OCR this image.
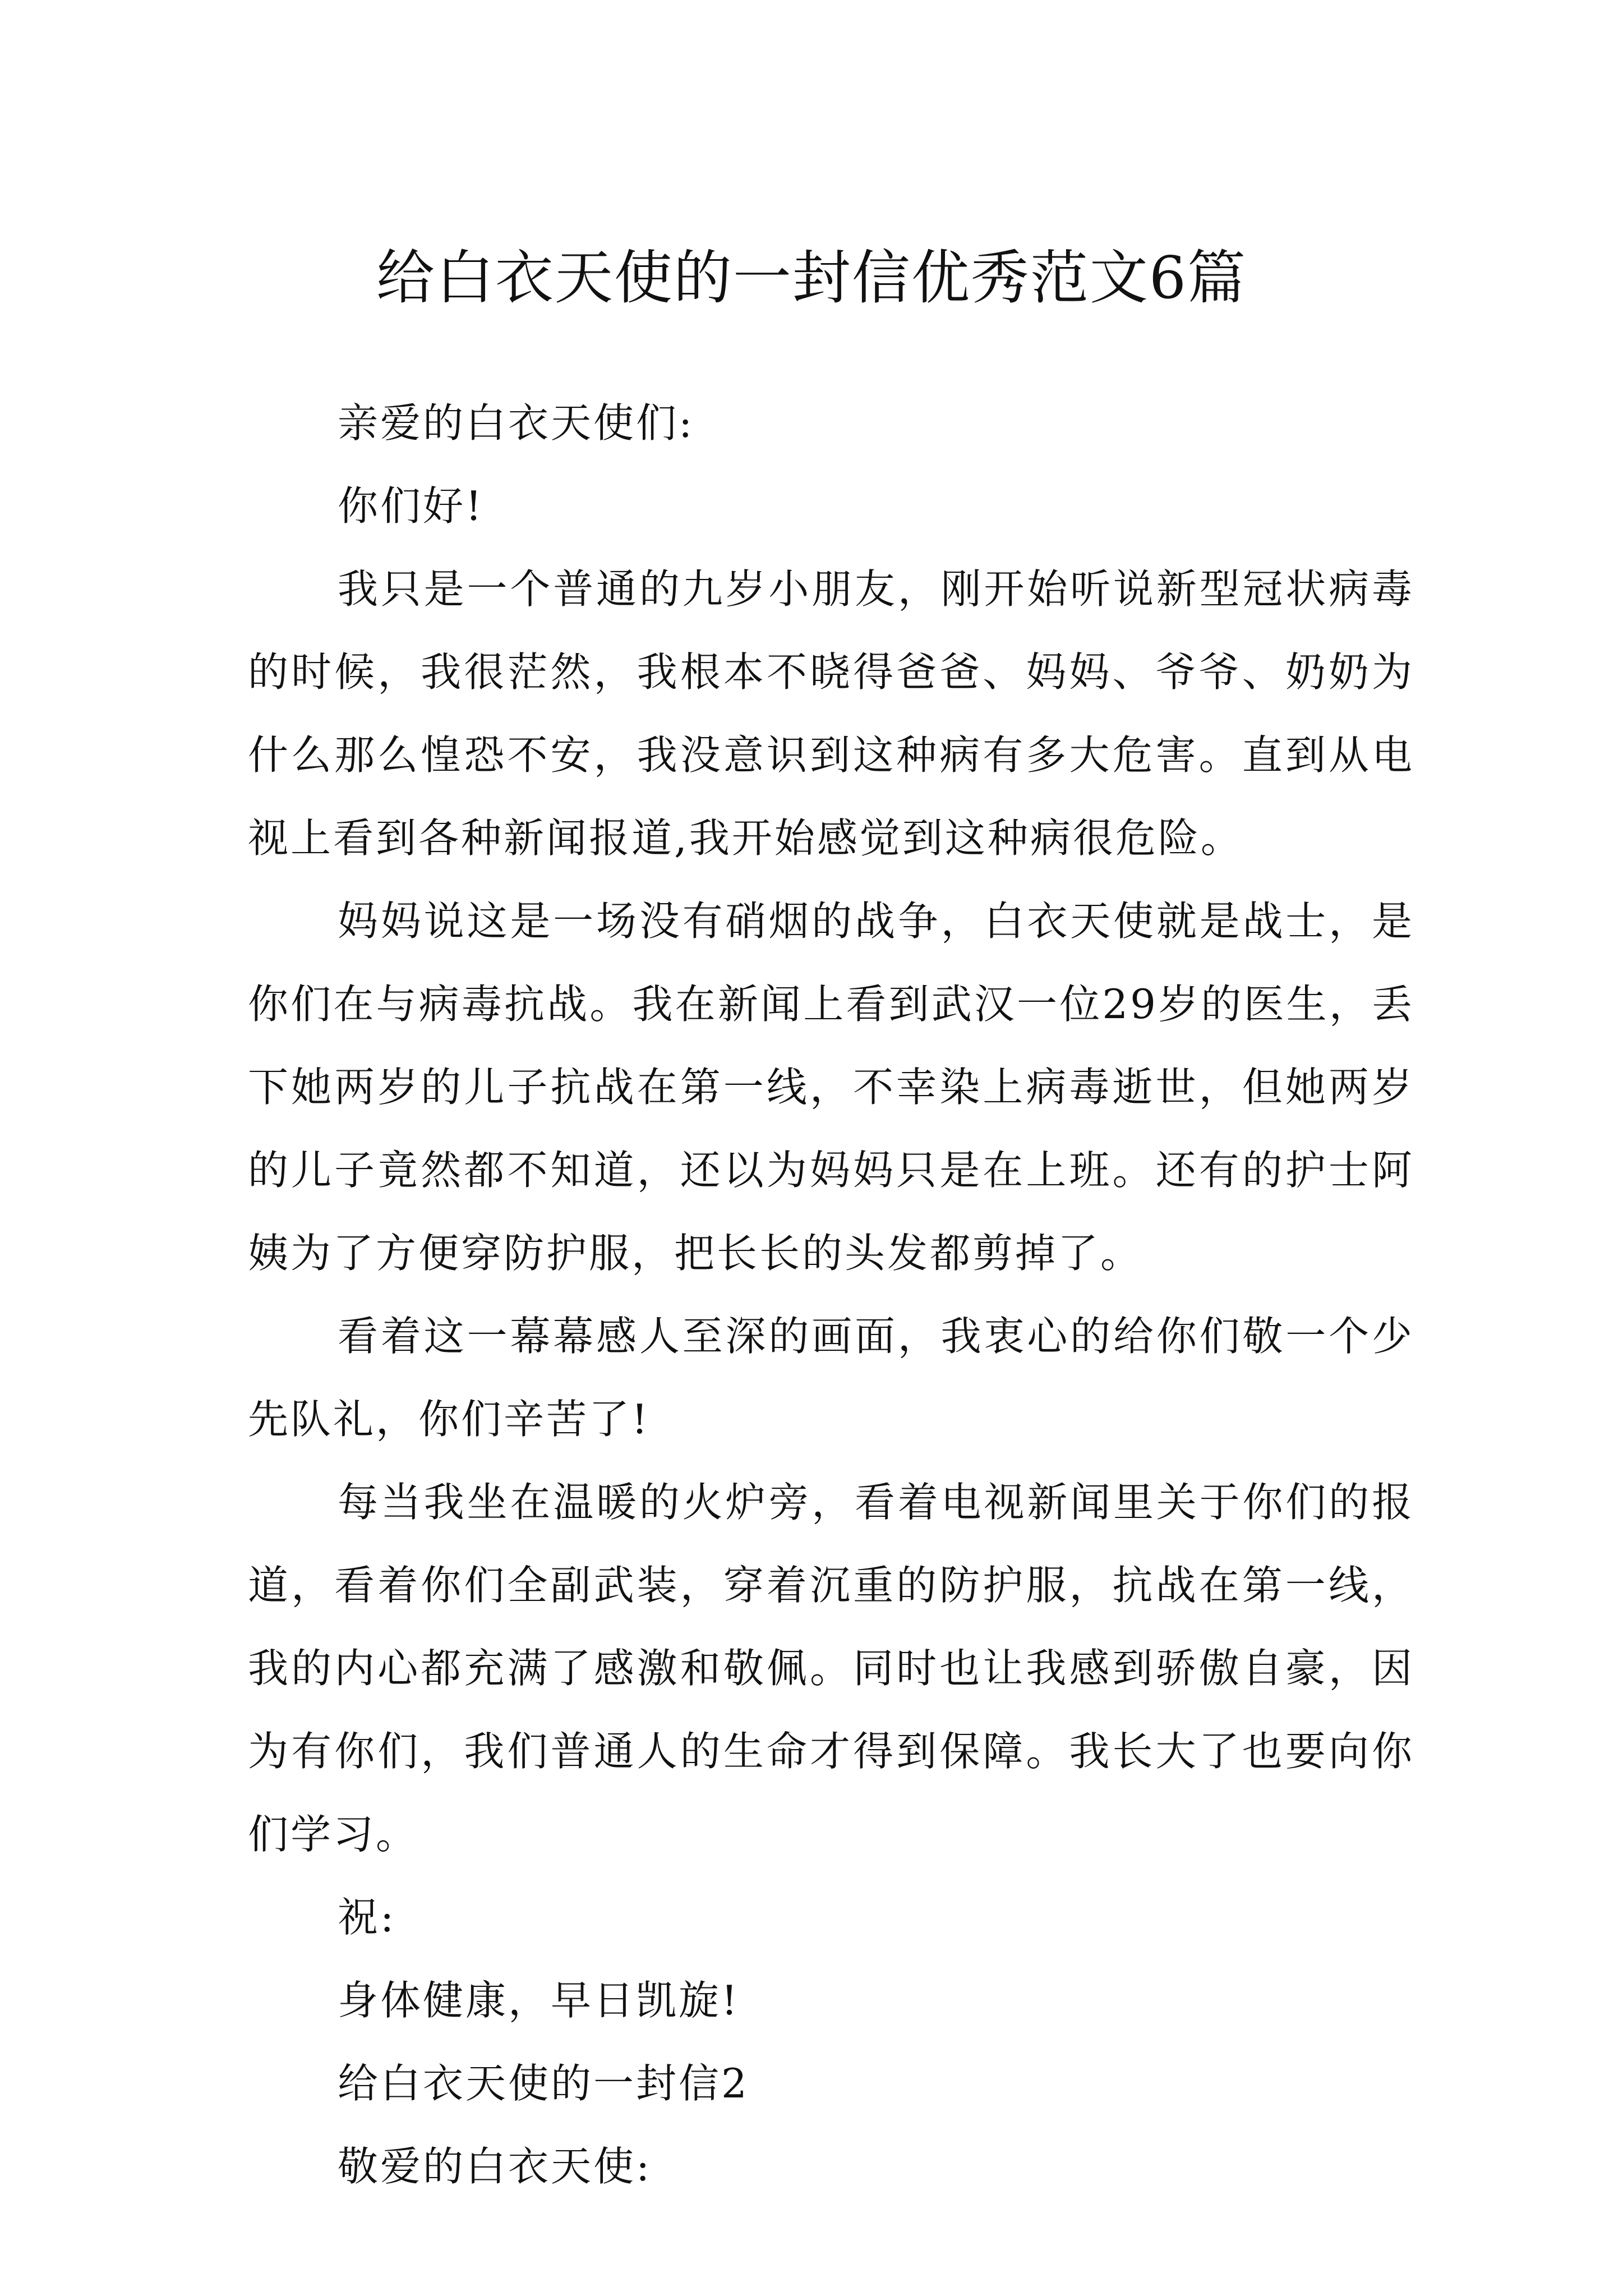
给白衣天使的一封信优秀范文6篇

亲爱的白衣天使们:

你们好!

我只是一个普通的九岁小朋友，刚开始听说新型冠状病毒的时候，我很茫然，我根本不晓得爸爸、妈妈、爷爷、奶奶为什么那么惶恐不安，我没意识到这种病有多大危害。直到从电视上看到各种新闻报道,我开始感觉到这种病很危险。

妈妈说这是一场没有硝烟的战争，白衣天使就是战士，是你们在与病毒抗战。我在新闻上看到武汉一位29岁的医生，丢下她两岁的儿子抗战在第一线，不幸染上病毒逝世，但她两岁的儿子竟然都不知道，还以为妈妈只是在上班。还有的护士阿姨为了方便穿防护服，把长长的头发都剪掉了。

看着这一幕幕感人至深的画面，我衷心的给你们敬一个少先队礼，你们辛苦了!

每当我坐在温暖的火炉旁，看着电视新闻里关于你们的报道，看着你们全副武装，穿着沉重的防护服，抗战在第一线，我的内心都充满了感激和敬佩。同时也让我感到骄傲自豪，因为有你们，我们普通人的生命才得到保障。我长大了也要向你们学习。

祝:

身体健康，早日凯旋!

给白衣天使的一封信2

敬爱的白衣天使:
